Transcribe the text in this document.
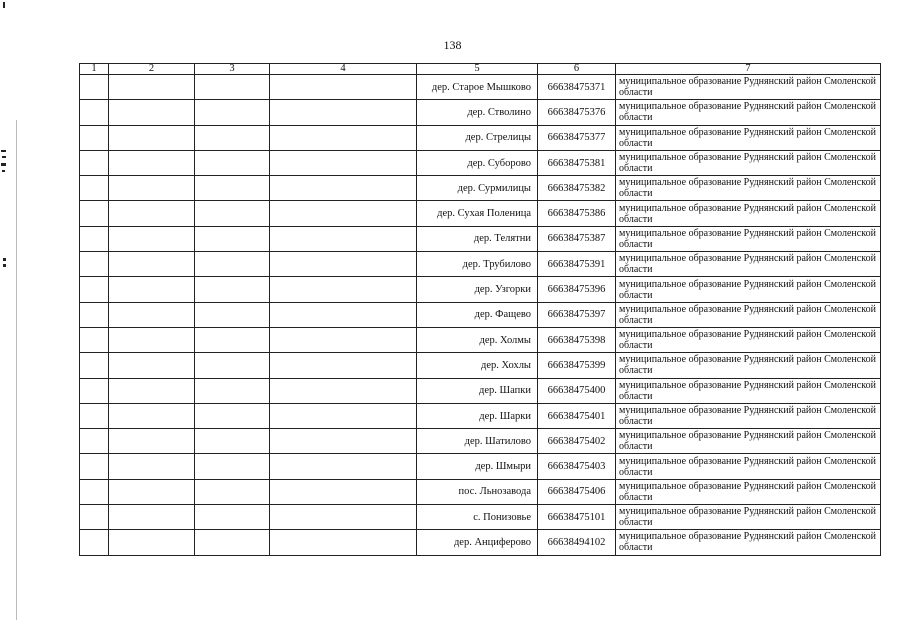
138
1	2	3	4	5	6	7
				дер. Старое Мышково	66638475371	муниципальное образование Руднянский район Смоленской области
				дер. Стволино	66638475376	муниципальное образование Руднянский район Смоленской области
				дер. Стрелицы	66638475377	муниципальное образование Руднянский район Смоленской области
				дер. Суборово	66638475381	муниципальное образование Руднянский район Смоленской области
				дер. Сурмилицы	66638475382	муниципальное образование Руднянский район Смоленской области
				дер. Сухая Поленица	66638475386	муниципальное образование Руднянский район Смоленской области
				дер. Телятни	66638475387	муниципальное образование Руднянский район Смоленской области
				дер. Трубилово	66638475391	муниципальное образование Руднянский район Смоленской области
				дер. Узгорки	66638475396	муниципальное образование Руднянский район Смоленской области
				дер. Фащево	66638475397	муниципальное образование Руднянский район Смоленской области
				дер. Холмы	66638475398	муниципальное образование Руднянский район Смоленской области
				дер. Хохлы	66638475399	муниципальное образование Руднянский район Смоленской области
				дер. Шапки	66638475400	муниципальное образование Руднянский район Смоленской области
				дер. Шарки	66638475401	муниципальное образование Руднянский район Смоленской области
				дер. Шатилово	66638475402	муниципальное образование Руднянский район Смоленской области
				дер. Шмыри	66638475403	муниципальное образование Руднянский район Смоленской области
				пос. Льнозавода	66638475406	муниципальное образование Руднянский район Смоленской области
				с. Понизовье	66638475101	муниципальное образование Руднянский район Смоленской области
				дер. Анциферово	66638494102	муниципальное образование Руднянский район Смоленской области
